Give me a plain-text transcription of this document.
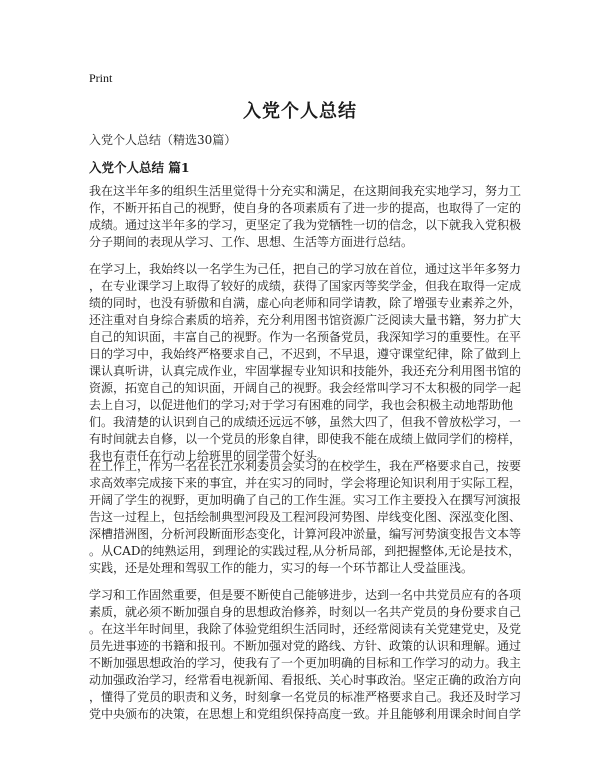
Print
入党个人总结
入党个人总结（精选30篇）
入党个人总结 篇1
我在这半年多的组织生活里觉得十分充实和满足，在这期间我充实地学习，努力工
作，不断开拓自己的视野，使自身的各项素质有了进一步的提高，也取得了一定的
成绩。通过这半年多的学习，更坚定了我为党牺牲一切的信念，以下就我入党积极
分子期间的表现从学习、工作、思想、生活等方面进行总结。
在学习上，我始终以一名学生为己任，把自己的学习放在首位，通过这半年多努力
，在专业课学习上取得了较好的成绩，获得了国家丙等奖学金，但我在取得一定成
绩的同时，也没有骄傲和自满，虚心向老师和同学请教，除了增强专业素养之外，
还注重对自身综合素质的培养，充分利用图书馆资源广泛阅读大量书籍，努力扩大
自己的知识面，丰富自己的视野。作为一名预备党员，我深知学习的重要性。在平
日的学习中，我始终严格要求自己，不迟到，不早退，遵守课堂纪律，除了做到上
课认真听讲，认真完成作业，牢固掌握专业知识和技能外，我还充分利用图书馆的
资源，拓宽自己的知识面，开阔自己的视野。我会经常叫学习不太积极的同学一起
去上自习，以促进他们的学习;对于学习有困难的同学，我也会积极主动地帮助他
们。我清楚的认识到自己的成绩还远远不够，虽然大四了，但我不曾放松学习，一
有时间就去自修，以一个党员的形象自律，即使我不能在成绩上做同学们的榜样，
我也有责任在行动上给班里的同学带个好头。
在工作上，作为一名在长江水利委员会实习的在校学生，我在严格要求自己，按要
求高效率完成接下来的事宜，并在实习的同时，学会将理论知识利用于实际工程，
开阔了学生的视野，更加明确了自己的工作生涯。实习工作主要投入在撰写河演报
告这一过程上，包括绘制典型河段及工程河段河势图、岸线变化图、深泓变化图、
深槽措洲图，分析河段断面形态变化，计算河段冲淤量，编写河势演变报告文本等
。从CAD的纯熟运用，到理论的实践过程,从分析局部，到把握整体,无论是技术，
实践，还是处理和驾驭工作的能力，实习的每一个环节都让人受益匪浅。
学习和工作固然重要，但是要不断使自己能够进步，达到一名中共党员应有的各项
素质，就必须不断加强自身的思想政治修养，时刻以一名共产党员的身份要求自己
。在这半年时间里，我除了体验党组织生活同时，还经常阅读有关党建党史，及党
员先进事迹的书籍和报刊。不断加强对党的路线、方针、政策的认识和理解。通过
不断加强思想政治的学习，使我有了一个更加明确的目标和工作学习的动力。我主
动加强政治学习，经常看电视新闻、看报纸、关心时事政治。坚定正确的政治方向
，懂得了党员的职责和义务，时刻拿一名党员的标准严格要求自己。我还及时学习
党中央颁布的决策，在思想上和党组织保持高度一致。并且能够利用课余时间自学
